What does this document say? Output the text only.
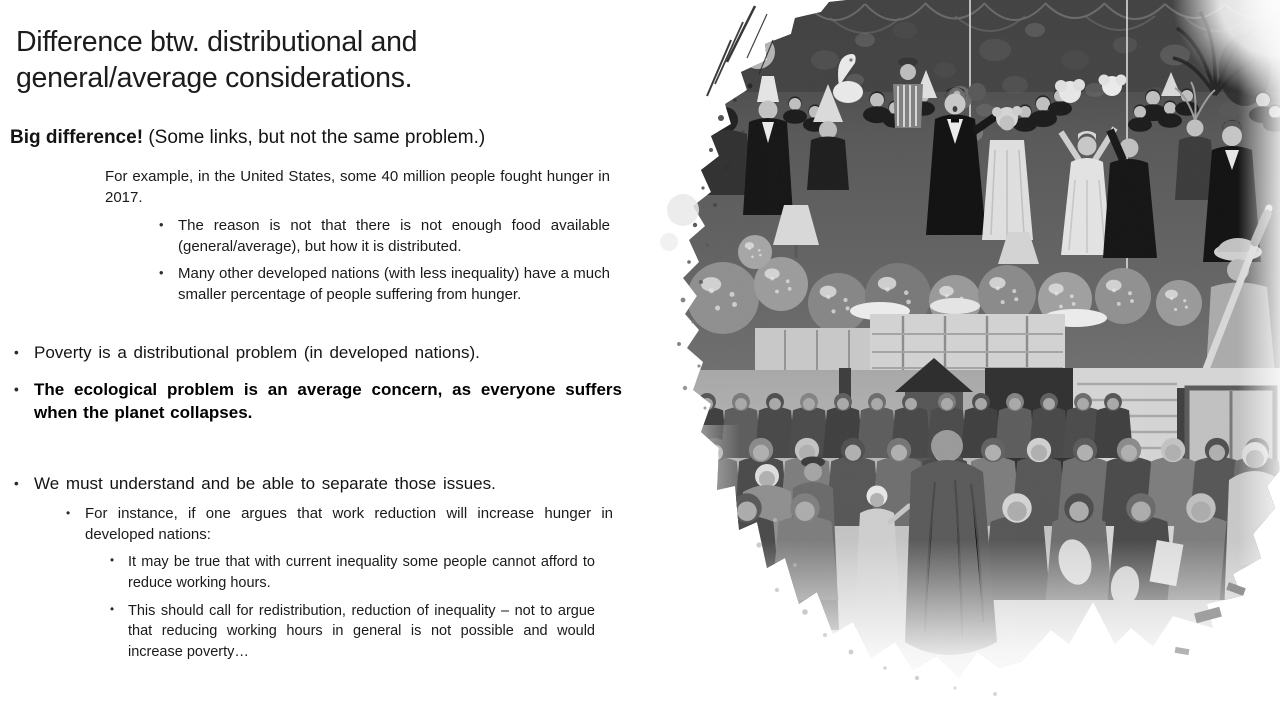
Difference btw. distributional and general/average considerations.

Big difference! (Some links, but not the same problem.)

For example, in the United States, some 40 million people fought hunger in 2017.

• The reason is not that there is not enough food available (general/average), but how it is distributed.
• Many other developed nations (with less inequality) have a much smaller percentage of people suffering from hunger.
• Poverty is a distributional problem (in developed nations).
• The ecological problem is an average concern, as everyone suffers when the planet collapses.
• We must understand and be able to separate those issues.
• For instance, if one argues that work reduction will increase hunger in developed nations:
• It may be true that with current inequality some people cannot afford to reduce working hours.
• This should call for redistribution, reduction of inequality – not to argue that reducing working hours in general is not possible and would increase poverty…
